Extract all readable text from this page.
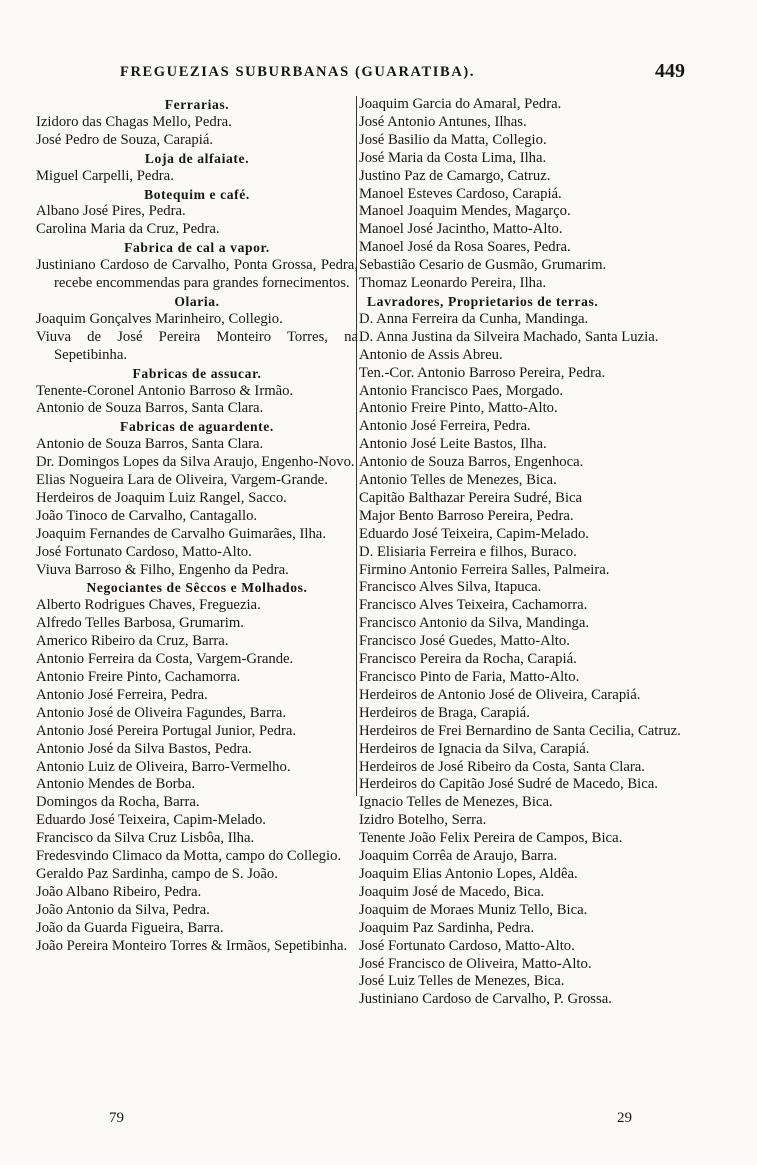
FREGUEZIAS SUBURBANAS (GUARATIBA).	449
Ferrarias.
Izidoro das Chagas Mello, Pedra.
José Pedro de Souza, Carapiá.
Loja de alfaiate.
Miguel Carpelli, Pedra.
Botequim e café.
Albano José Pires, Pedra.
Carolina Maria da Cruz, Pedra.
Fabrica de cal a vapor.
Justiniano Cardoso de Carvalho, Ponta Grossa, Pedra, recebe encommendas para grandes fornecimentos.
Olaria.
Joaquim Gonçalves Marinheiro, Collegio.
Viuva de José Pereira Monteiro Torres, na Sepetibinha.
Fabricas de assucar.
Tenente-Coronel Antonio Barroso & Irmão.
Antonio de Souza Barros, Santa Clara.
Fabricas de aguardente.
Antonio de Souza Barros, Santa Clara.
Dr. Domingos Lopes da Silva Araujo, Engenho-Novo.
Elias Nogueira Lara de Oliveira, Vargem-Grande.
Herdeiros de Joaquim Luiz Rangel, Sacco.
João Tinoco de Carvalho, Cantagallo.
Joaquim Fernandes de Carvalho Guimarães, Ilha.
José Fortunato Cardoso, Matto-Alto.
Viuva Barroso & Filho, Engenho da Pedra.
Negociantes de Sêccos e Molhados.
Alberto Rodrigues Chaves, Freguezia.
Alfredo Telles Barbosa, Grumarim.
Americo Ribeiro da Cruz, Barra.
Antonio Ferreira da Costa, Vargem-Grande.
Antonio Freire Pinto, Cachamorra.
Antonio José Ferreira, Pedra.
Antonio José de Oliveira Fagundes, Barra.
Antonio José Pereira Portugal Junior, Pedra.
Antonio José da Silva Bastos, Pedra.
Antonio Luiz de Oliveira, Barro-Vermelho.
Antonio Mendes de Borba.
Domingos da Rocha, Barra.
Eduardo José Teixeira, Capim-Melado.
Francisco da Silva Cruz Lisbôa, Ilha.
Fredesvindo Climaco da Motta, campo do Collegio.
Geraldo Paz Sardinha, campo de S. João.
João Albano Ribeiro, Pedra.
João Antonio da Silva, Pedra.
João da Guarda Figueira, Barra.
João Pereira Monteiro Torres & Irmãos, Sepetibinha.
Joaquim Garcia do Amaral, Pedra.
José Antonio Antunes, Ilhas.
José Basilio da Matta, Collegio.
José Maria da Costa Lima, Ilha.
Justino Paz de Camargo, Catruz.
Manoel Esteves Cardoso, Carapiá.
Manoel Joaquim Mendes, Magarço.
Manoel José Jacintho, Matto-Alto.
Manoel José da Rosa Soares, Pedra.
Sebastião Cesario de Gusmão, Grumarim.
Thomaz Leonardo Pereira, Ilha.
Lavradores, Proprietarios de terras.
D. Anna Ferreira da Cunha, Mandinga.
D. Anna Justina da Silveira Machado, Santa Luzia.
Antonio de Assis Abreu.
Ten.-Cor. Antonio Barroso Pereira, Pedra.
Antonio Francisco Paes, Morgado.
Antonio Freire Pinto, Matto-Alto.
Antonio José Ferreira, Pedra.
Antonio José Leite Bastos, Ilha.
Antonio de Souza Barros, Engenhoca.
Antonio Telles de Menezes, Bica.
Capitão Balthazar Pereira Sudré, Bica
Major Bento Barroso Pereira, Pedra.
Eduardo José Teixeira, Capim-Melado.
D. Elisiaria Ferreira e filhos, Buraco.
Firmino Antonio Ferreira Salles, Palmeira.
Francisco Alves Silva, Itapuca.
Francisco Alves Teixeira, Cachamorra.
Francisco Antonio da Silva, Mandinga.
Francisco José Guedes, Matto-Alto.
Francisco Pereira da Rocha, Carapiá.
Francisco Pinto de Faria, Matto-Alto.
Herdeiros de Antonio José de Oliveira, Carapiá.
Herdeiros de Braga, Carapiá.
Herdeiros de Frei Bernardino de Santa Cecilia, Catruz.
Herdeiros de Ignacia da Silva, Carapiá.
Herdeiros de José Ribeiro da Costa, Santa Clara.
Herdeiros do Capitão José Sudré de Macedo, Bica.
Ignacio Telles de Menezes, Bica.
Izidro Botelho, Serra.
Tenente João Felix Pereira de Campos, Bica.
Joaquim Corrêa de Araujo, Barra.
Joaquim Elias Antonio Lopes, Aldêa.
Joaquim José de Macedo, Bica.
Joaquim de Moraes Muniz Tello, Bica.
Joaquim Paz Sardinha, Pedra.
José Fortunato Cardoso, Matto-Alto.
José Francisco de Oliveira, Matto-Alto.
José Luiz Telles de Menezes, Bica.
Justiniano Cardoso de Carvalho, P. Grossa.
79	29
